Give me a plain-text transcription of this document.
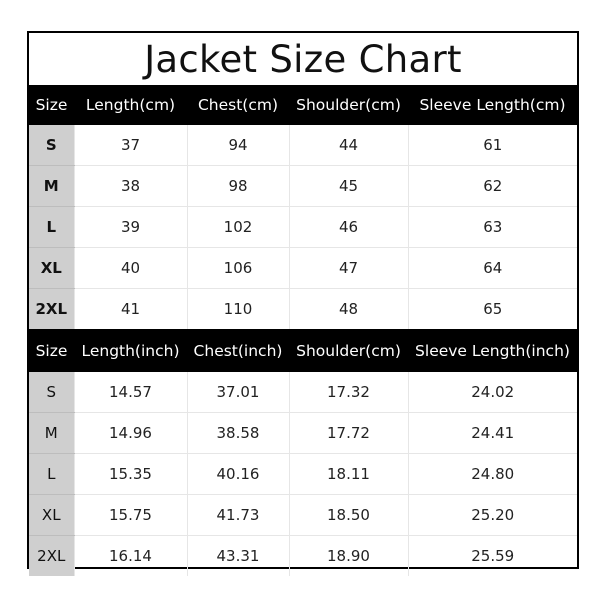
Jacket Size Chart
Size	Length(cm)	Chest(cm)	Shoulder(cm)	Sleeve Length(cm)
S	37	94	44	61
M	38	98	45	62
L	39	102	46	63
XL	40	106	47	64
2XL	41	110	48	65
Size	Length(inch)	Chest(inch)	Shoulder(cm)	Sleeve Length(inch)
S	14.57	37.01	17.32	24.02
M	14.96	38.58	17.72	24.41
L	15.35	40.16	18.11	24.80
XL	15.75	41.73	18.50	25.20
2XL	16.14	43.31	18.90	25.59
